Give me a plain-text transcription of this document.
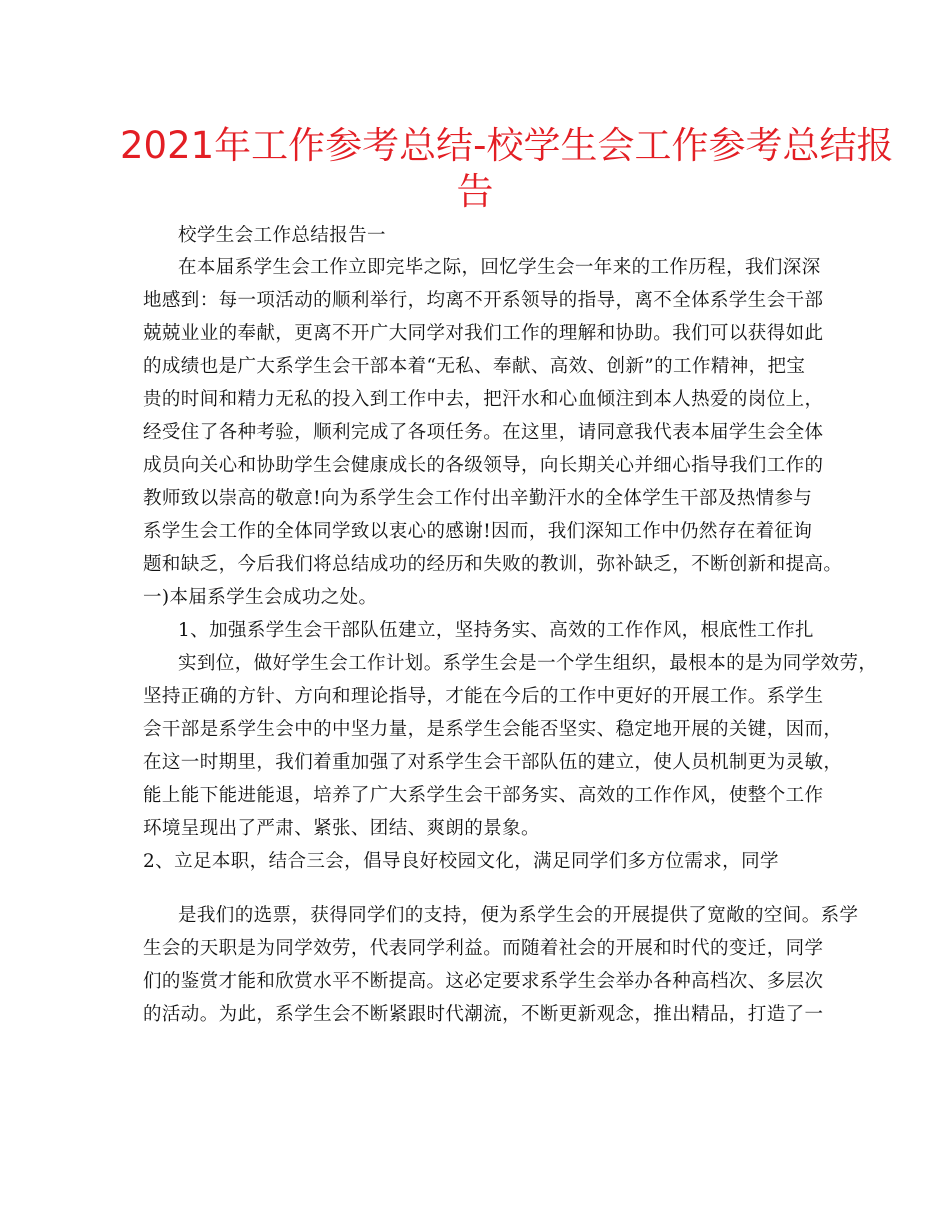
2021年工作参考总结-校学生会工作参考总结报
告
校学生会工作总结报告一
在本届系学生会工作立即完毕之际，回忆学生会一年来的工作历程，我们深深
地感到：每一项活动的顺利举行，均离不开系领导的指导，离不全体系学生会干部
兢兢业业的奉献，更离不开广大同学对我们工作的理解和协助。我们可以获得如此
的成绩也是广大系学生会干部本着“无私、奉献、高效、创新”的工作精神，把宝
贵的时间和精力无私的投入到工作中去，把汗水和心血倾注到本人热爱的岗位上，
经受住了各种考验，顺利完成了各项任务。在这里，请同意我代表本届学生会全体
成员向关心和协助学生会健康成长的各级领导，向长期关心并细心指导我们工作的
教师致以崇高的敬意!向为系学生会工作付出辛勤汗水的全体学生干部及热情参与
系学生会工作的全体同学致以衷心的感谢!因而，我们深知工作中仍然存在着征询
题和缺乏，今后我们将总结成功的经历和失败的教训，弥补缺乏，不断创新和提高。
一)本届系学生会成功之处。
1、加强系学生会干部队伍建立，坚持务实、高效的工作作风，根底性工作扎
实到位，做好学生会工作计划。系学生会是一个学生组织，最根本的是为同学效劳，
坚持正确的方针、方向和理论指导，才能在今后的工作中更好的开展工作。系学生
会干部是系学生会中的中坚力量，是系学生会能否坚实、稳定地开展的关键，因而，
在这一时期里，我们着重加强了对系学生会干部队伍的建立，使人员机制更为灵敏，
能上能下能进能退，培养了广大系学生会干部务实、高效的工作作风，使整个工作
环境呈现出了严肃、紧张、团结、爽朗的景象。
2、立足本职，结合三会，倡导良好校园文化，满足同学们多方位需求，同学
是我们的选票，获得同学们的支持，便为系学生会的开展提供了宽敞的空间。系学
生会的天职是为同学效劳，代表同学利益。而随着社会的开展和时代的变迁，同学
们的鉴赏才能和欣赏水平不断提高。这必定要求系学生会举办各种高档次、多层次
的活动。为此，系学生会不断紧跟时代潮流，不断更新观念，推出精品，打造了一
